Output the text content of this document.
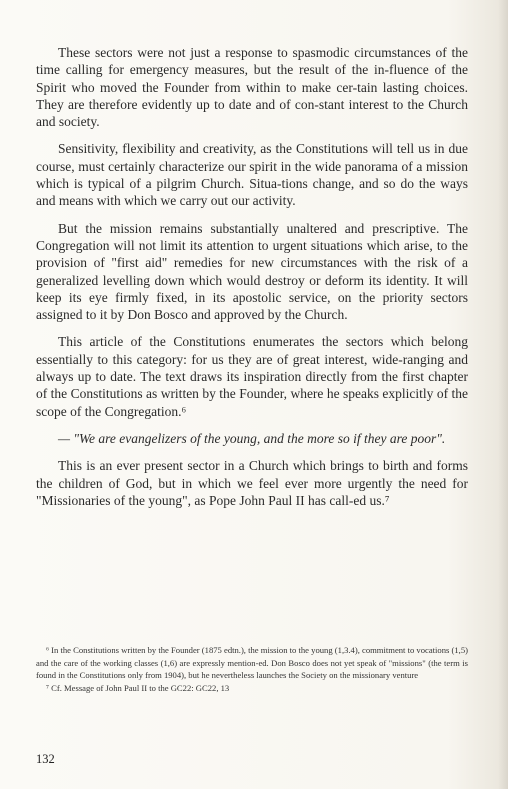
These sectors were not just a response to spasmodic circumstances of the time calling for emergency measures, but the result of the in-fluence of the Spirit who moved the Founder from within to make cer-tain lasting choices. They are therefore evidently up to date and of con-stant interest to the Church and society.

Sensitivity, flexibility and creativity, as the Constitutions will tell us in due course, must certainly characterize our spirit in the wide panorama of a mission which is typical of a pilgrim Church. Situa-tions change, and so do the ways and means with which we carry out our activity.

But the mission remains substantially unaltered and prescriptive. The Congregation will not limit its attention to urgent situations which arise, to the provision of "first aid" remedies for new circumstances with the risk of a generalized levelling down which would destroy or deform its identity. It will keep its eye firmly fixed, in its apostolic service, on the priority sectors assigned to it by Don Bosco and approved by the Church.

This article of the Constitutions enumerates the sectors which belong essentially to this category: for us they are of great interest, wide-ranging and always up to date. The text draws its inspiration directly from the first chapter of the Constitutions as written by the Founder, where he speaks explicitly of the scope of the Congregation.⁶

— "We are evangelizers of the young, and the more so if they are poor".

This is an ever present sector in a Church which brings to birth and forms the children of God, but in which we feel ever more urgently the need for "Missionaries of the young", as Pope John Paul II has call-ed us.⁷

⁶ In the Constitutions written by the Founder (1875 edtn.), the mission to the young (1,3.4), commitment to vocations (1,5) and the care of the working classes (1,6) are expressly mention-ed. Don Bosco does not yet speak of "missions" (the term is found in the Constitutions only from 1904), but he nevertheless launches the Society on the missionary venture

⁷ Cf. Message of John Paul II to the GC22: GC22, 13

132
